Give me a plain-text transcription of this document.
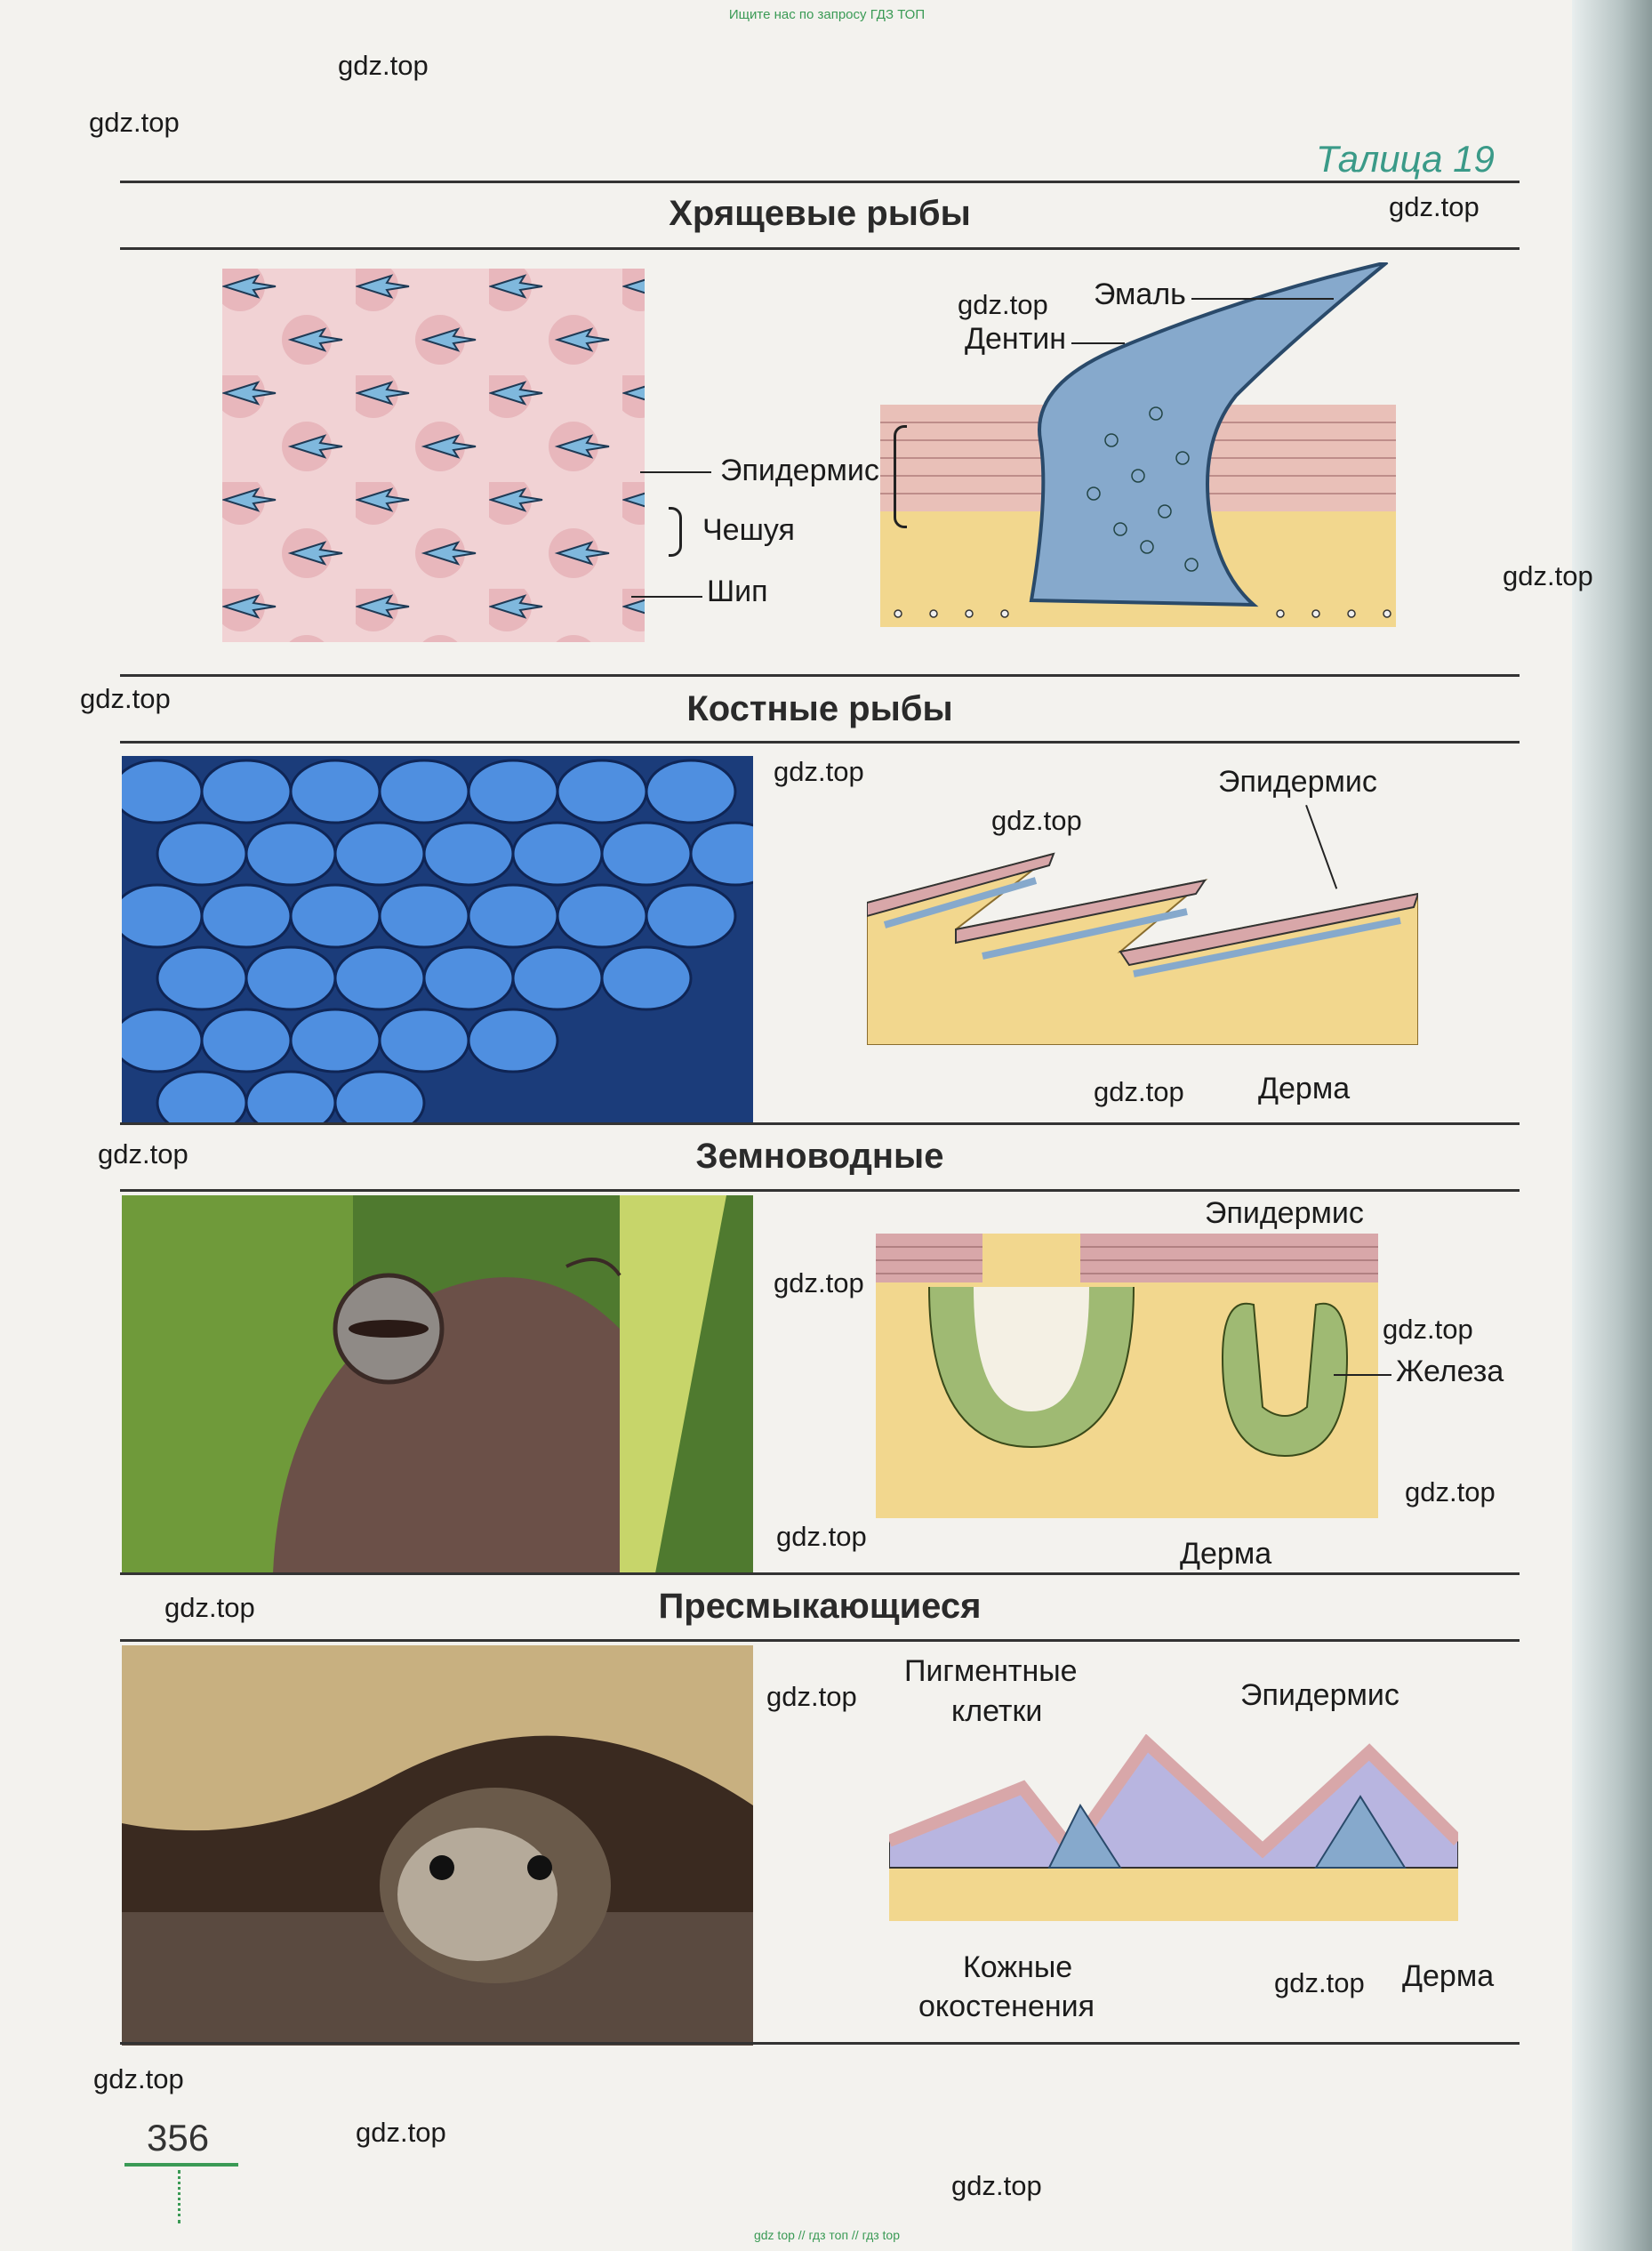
Ищите нас по запросу ГДЗ ТОП
Талица 19
Хрящевые рыбы
Эмаль
Дентин
Эпидермис
Чешуя
Шип
Костные рыбы
Эпидермис
Дерма
Земноводные
Эпидермис
Железа
Дерма
Пресмыкающиеся
Пигментные
клетки	Эпидермис
Кожные
окостенения
Дерма
356
gdz top // гдз топ // гдз top
gdz.top
gdz.top
gdz.top
gdz.top
gdz.top
gdz.top
gdz.top
gdz.top
gdz.top
gdz.top
gdz.top
gdz.top
gdz.top
gdz.top
gdz.top
gdz.top
gdz.top
gdz.top
gdz.top
gdz.top
